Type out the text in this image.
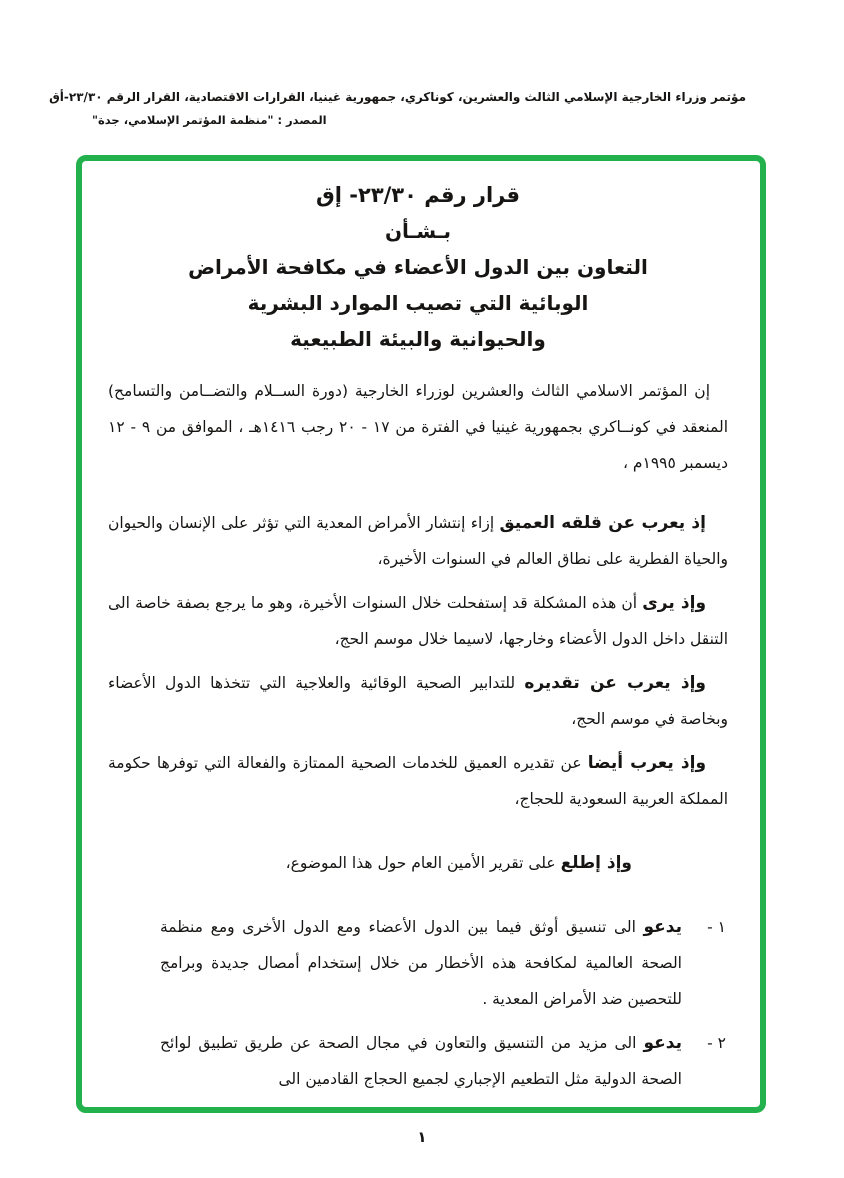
مؤتمر وزراء الخارجية الإسلامي الثالث والعشرين، كوناكري، جمهورية غينيا، القرارات الاقتصادية، القرار الرقم ٢٣/٣٠-أق
المصدر : "منظمة المؤتمر الإسلامي، جدة"
قرار رقم ٢٣/٣٠- إق
بـشـأن
التعاون بين الدول الأعضاء في مكافحة الأمراض
الوبائية التي تصيب الموارد البشرية
والحيوانية والبيئة الطبيعية

إن المؤتمر الاسلامي الثالث والعشرين لوزراء الخارجية (دورة الســلام والتضــامن والتسامح) المنعقد في كونــاكري بجمهورية غينيا في الفترة من ١٧ - ٢٠ رجب ١٤١٦هـ ، الموافق من ٩ - ١٢ ديسمبر ١٩٩٥م ،

إذ يعرب عن قلقه العميق إزاء إنتشار الأمراض المعدية التي تؤثر على الإنسان والحيوان والحياة الفطرية على نطاق العالم في السنوات الأخيرة،

وإذ يرى أن هذه المشكلة قد إستفحلت خلال السنوات الأخيرة، وهو ما يرجع بصفة خاصة الى التنقل داخل الدول الأعضاء وخارجها، لاسيما خلال موسم الحج،

وإذ يعرب عن تقديره للتدابير الصحية الوقائية والعلاجية التي تتخذها الدول الأعضاء وبخاصة في موسم الحج،

وإذ يعرب أيضا عن تقديره العميق للخدمات الصحية الممتازة والفعالة التي توفرها حكومة المملكة العربية السعودية للحجاج،

وإذ إطلع على تقرير الأمين العام حول هذا الموضوع،

١ -

يدعو الى تنسيق أوثق فيما بين الدول الأعضاء ومع الدول الأخرى ومع منظمة الصحة العالمية لمكافحة هذه الأخطار من خلال إستخدام أمصال جديدة وبرامج للتحصين ضد الأمراض المعدية .

٢ -

يدعو الى مزيد من التنسيق والتعاون في مجال الصحة عن طريق تطبيق لوائح الصحة الدولية مثل التطعيم الإجباري لجميع الحجاج القادمين الى

١
